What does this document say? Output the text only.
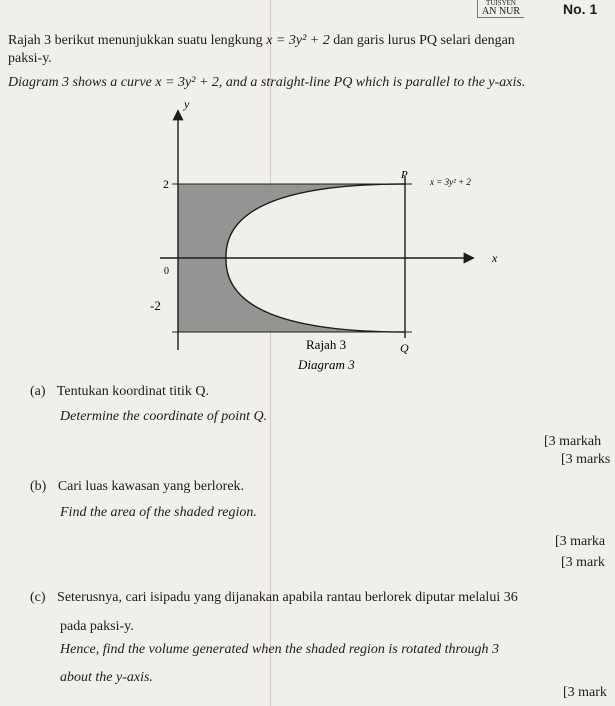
TUISYEN
AN NUR	No. 1
Rajah 3 berikut menunjukkan suatu lengkung x = 3y² + 2 dan garis lurus PQ selari dengan
paksi-y.
Diagram 3 shows a curve x = 3y² + 2, and a straight-line PQ which is parallel to the y-axis.
y
x
2
0
-2
P
Q
x = 3y² + 2
Rajah 3
Diagram 3
(a) Tentukan koordinat titik Q.
Determine the coordinate of point Q.
[3 markah
[3 marks
(b) Cari luas kawasan yang berlorek.
Find the area of the shaded region.
[3 marka
[3 mark
(c) Seterusnya, cari isipadu yang dijanakan apabila rantau berlorek diputar melalui 36
pada paksi-y.
Hence, find the volume generated when the shaded region is rotated through 3
about the y-axis.
[3 mark
